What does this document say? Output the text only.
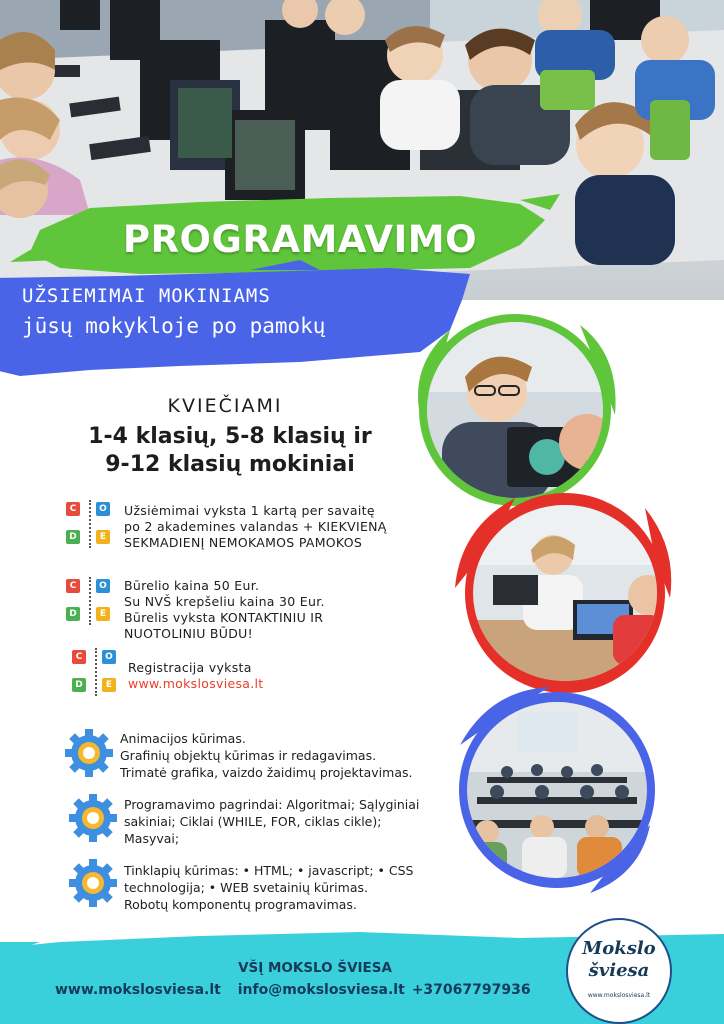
PROGRAMAVIMO
UŽSIEMIMAI MOKINIAMS
jūsų mokykloje po pamokų
KVIEČIAMI
1-4 klasių, 5-8 klasių ir
9-12 klasių mokiniai
C	O
D	E
Užsiėmimai vyksta 1 kartą per savaitę
po 2 akademines valandas + KIEKVIENĄ
SEKMADIENĮ NEMOKAMOS PAMOKOS
C	O
D	E
Būrelio kaina 50 Eur.
Su NVŠ krepšeliu kaina 30 Eur.
Būrelis vyksta KONTAKTINIU IR
NUOTOLINIU BŪDU!
C	O
D	E
Registracija vyksta
www.mokslosviesa.lt
Animacijos kūrimas.
Grafinių objektų kūrimas ir redagavimas.
Trimatė grafika, vaizdo žaidimų projektavimas.
Programavimo pagrindai: Algoritmai; Sąlyginiai
sakiniai; Ciklai (WHILE, FOR, ciklas cikle);
Masyvai;
Tinklapių kūrimas: • HTML; • javascript; • CSS
technologija; • WEB svetainių kūrimas.
Robotų komponentų programavimas.
VŠĮ MOKSLO ŠVIESA
www.mokslosviesa.lt info@mokslosviesa.lt +37067797936
Mokslo
šviesa
www.mokslosviesa.lt
